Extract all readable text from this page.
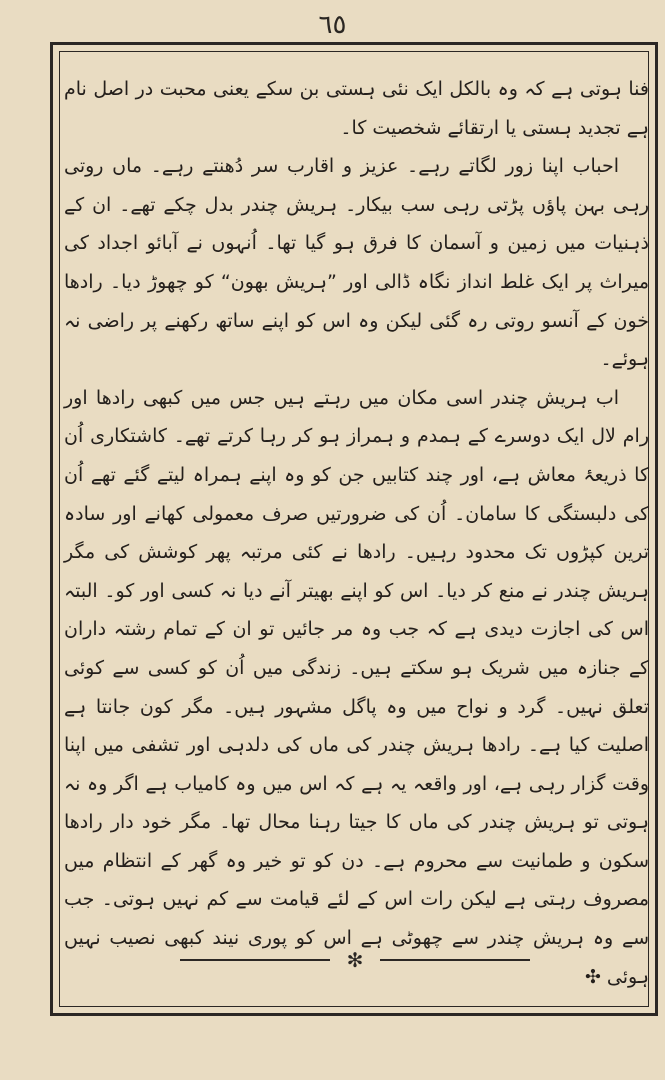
٦٥

فنا ہوتی ہے کہ وہ بالکل ایک نئی ہستی بن سکے یعنی محبت در اصل نام ہے تجدید ہستی یا ارتقائے شخصیت کا۔

احباب اپنا زور لگاتے رہے۔ عزیز و اقارب سر دُھنتے رہے۔ ماں روتی رہی بہن پاؤں پڑتی رہی سب بیکار۔ ہریش چندر بدل چکے تھے۔ ان کے ذہنیات میں زمین و آسمان کا فرق ہو گیا تھا۔ اُنہوں نے آبائو اجداد کی میراث پر ایک غلط انداز نگاہ ڈالی اور ”ہریش بھون“ کو چھوڑ دیا۔ رادھا خون کے آنسو روتی رہ گئی لیکن وہ اس کو اپنے ساتھ رکھنے پر راضی نہ ہوئے۔

اب ہریش چندر اسی مکان میں رہتے ہیں جس میں کبھی رادھا اور رام لال ایک دوسرے کے ہمدم و ہمراز ہو کر رہا کرتے تھے۔ کاشتکاری اُن کا ذریعۂ معاش ہے، اور چند کتابیں جن کو وہ اپنے ہمراہ لیتے گئے تھے اُن کی دلبستگی کا سامان۔ اُن کی ضرورتیں صرف معمولی کھانے اور سادہ ترین کپڑوں تک محدود رہیں۔ رادھا نے کئی مرتبہ پھر کوشش کی مگر ہریش چندر نے منع کر دیا۔ اس کو اپنے بھیتر آنے دیا نہ کسی اور کو۔ البتہ اس کی اجازت دیدی ہے کہ جب وہ مر جائیں تو ان کے تمام رشتہ داران کے جنازہ میں شریک ہو سکتے ہیں۔ زندگی میں اُن کو کسی سے کوئی تعلق نہیں۔ گرد و نواح میں وہ پاگل مشہور ہیں۔ مگر کون جانتا ہے اصلیت کیا ہے۔ رادھا ہریش چندر کی ماں کی دلدہی اور تشفی میں اپنا وقت گزار رہی ہے، اور واقعہ یہ ہے کہ اس میں وہ کامیاب ہے اگر وہ نہ ہوتی تو ہریش چندر کی ماں کا جیتا رہنا محال تھا۔ مگر خود دار رادھا سکون و طمانیت سے محروم ہے۔ دن کو تو خیر وہ گھر کے انتظام میں مصروف رہتی ہے لیکن رات اس کے لئے قیامت سے کم نہیں ہوتی۔ جب سے وہ ہریش چندر سے چھوٹی ہے اس کو پوری نیند کبھی نصیب نہیں ہوئی ✣

✻
